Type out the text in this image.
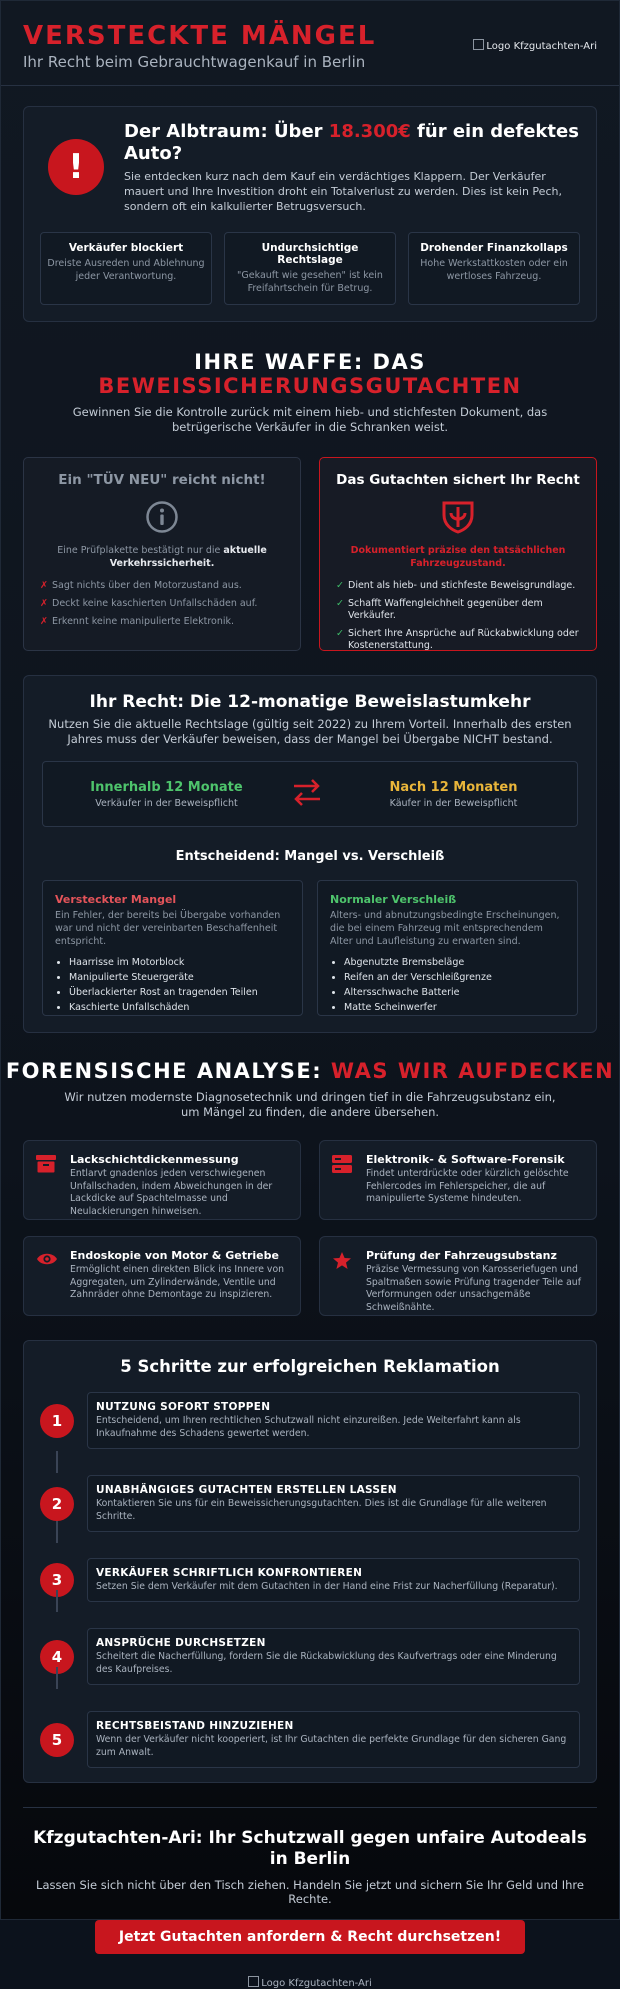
VERSTECKTE MÄNGEL
Ihr Recht beim Gebrauchtwagenkauf in Berlin
Logo Kfzgutachten-Ari
!
Der Albtraum: Über 18.300€ für ein defektes Auto?

Sie entdecken kurz nach dem Kauf ein verdächtiges Klappern. Der Verkäufer mauert und Ihre Investition droht ein Totalverlust zu werden. Dies ist kein Pech, sondern oft ein kalkulierter Betrugsversuch.

Verkäufer blockiert
Dreiste Ausreden und Ablehnung jeder Verantwortung.
Undurchsichtige Rechtslage
"Gekauft wie gesehen" ist kein Freifahrtschein für Betrug.
Drohender Finanzkollaps
Hohe Werkstattkosten oder ein wertloses Fahrzeug.
IHRE WAFFE: DAS BEWEISSICHERUNGSGUTACHTEN
Gewinnen Sie die Kontrolle zurück mit einem hieb- und stichfesten Dokument, das betrügerische Verkäufer in die Schranken weist.
Ein "TÜV NEU" reicht nicht!
Eine Prüfplakette bestätigt nur die aktuelle Verkehrssicherheit.
✗ Sagt nichts über den Motorzustand aus.
✗ Deckt keine kaschierten Unfallschäden auf.
✗ Erkennt keine manipulierte Elektronik.
Das Gutachten sichert Ihr Recht
Dokumentiert präzise den tatsächlichen Fahrzeugzustand.
✓ Dient als hieb- und stichfeste Beweisgrundlage.
✓ Schafft Waffengleichheit gegenüber dem Verkäufer.
✓ Sichert Ihre Ansprüche auf Rückabwicklung oder Kostenerstattung.
Ihr Recht: Die 12-monatige Beweislastumkehr
Nutzen Sie die aktuelle Rechtslage (gültig seit 2022) zu Ihrem Vorteil. Innerhalb des ersten Jahres muss der Verkäufer beweisen, dass der Mangel bei Übergabe NICHT bestand.
Innerhalb 12 Monate
Verkäufer in der Beweispflicht
Nach 12 Monaten
Käufer in der Beweispflicht
Entscheidend: Mangel vs. Verschleiß
Versteckter Mangel

Ein Fehler, der bereits bei Übergabe vorhanden war und nicht der vereinbarten Beschaffenheit entspricht.

• Haarrisse im Motorblock
• Manipulierte Steuergeräte
• Überlackierter Rost an tragenden Teilen
• Kaschierte Unfallschäden
Normaler Verschleiß

Alters- und abnutzungsbedingte Erscheinungen, die bei einem Fahrzeug mit entsprechendem Alter und Laufleistung zu erwarten sind.

• Abgenutzte Bremsbeläge
• Reifen an der Verschleißgrenze
• Altersschwache Batterie
• Matte Scheinwerfer
FORENSISCHE ANALYSE: WAS WIR AUFDECKEN
Wir nutzen modernste Diagnosetechnik und dringen tief in die Fahrzeugsubstanz ein, um Mängel zu finden, die andere übersehen.
Lackschichtdickenmessung
Entlarvt gnadenlos jeden verschwiegenen Unfallschaden, indem Abweichungen in der Lackdicke auf Spachtelmasse und Neulackierungen hinweisen.
Elektronik- & Software-Forensik
Findet unterdrückte oder kürzlich gelöschte Fehlercodes im Fehlerspeicher, die auf manipulierte Systeme hindeuten.
Endoskopie von Motor & Getriebe
Ermöglicht einen direkten Blick ins Innere von Aggregaten, um Zylinderwände, Ventile und Zahnräder ohne Demontage zu inspizieren.
Prüfung der Fahrzeugsubstanz
Präzise Vermessung von Karosseriefugen und Spaltmaßen sowie Prüfung tragender Teile auf Verformungen oder unsachgemäße Schweißnähte.
5 Schritte zur erfolgreichen Reklamation
1
NUTZUNG SOFORT STOPPEN
Entscheidend, um Ihren rechtlichen Schutzwall nicht einzureißen. Jede Weiterfahrt kann als Inkaufnahme des Schadens gewertet werden.
2
UNABHÄNGIGES GUTACHTEN ERSTELLEN LASSEN
Kontaktieren Sie uns für ein Beweissicherungsgutachten. Dies ist die Grundlage für alle weiteren Schritte.
3	VERKÄUFER SCHRIFTLICH KONFRONTIEREN
Setzen Sie dem Verkäufer mit dem Gutachten in der Hand eine Frist zur Nacherfüllung (Reparatur).
4
ANSPRÜCHE DURCHSETZEN
Scheitert die Nacherfüllung, fordern Sie die Rückabwicklung des Kaufvertrags oder eine Minderung des Kaufpreises.
5
RECHTSBEISTAND HINZUZIEHEN
Wenn der Verkäufer nicht kooperiert, ist Ihr Gutachten die perfekte Grundlage für den sicheren Gang zum Anwalt.
Kfzgutachten-Ari: Ihr Schutzwall gegen unfaire Autodeals in Berlin

Lassen Sie sich nicht über den Tisch ziehen. Handeln Sie jetzt und sichern Sie Ihr Geld und Ihre Rechte.

Jetzt Gutachten anfordern & Recht durchsetzen!
Logo Kfzgutachten-Ari
